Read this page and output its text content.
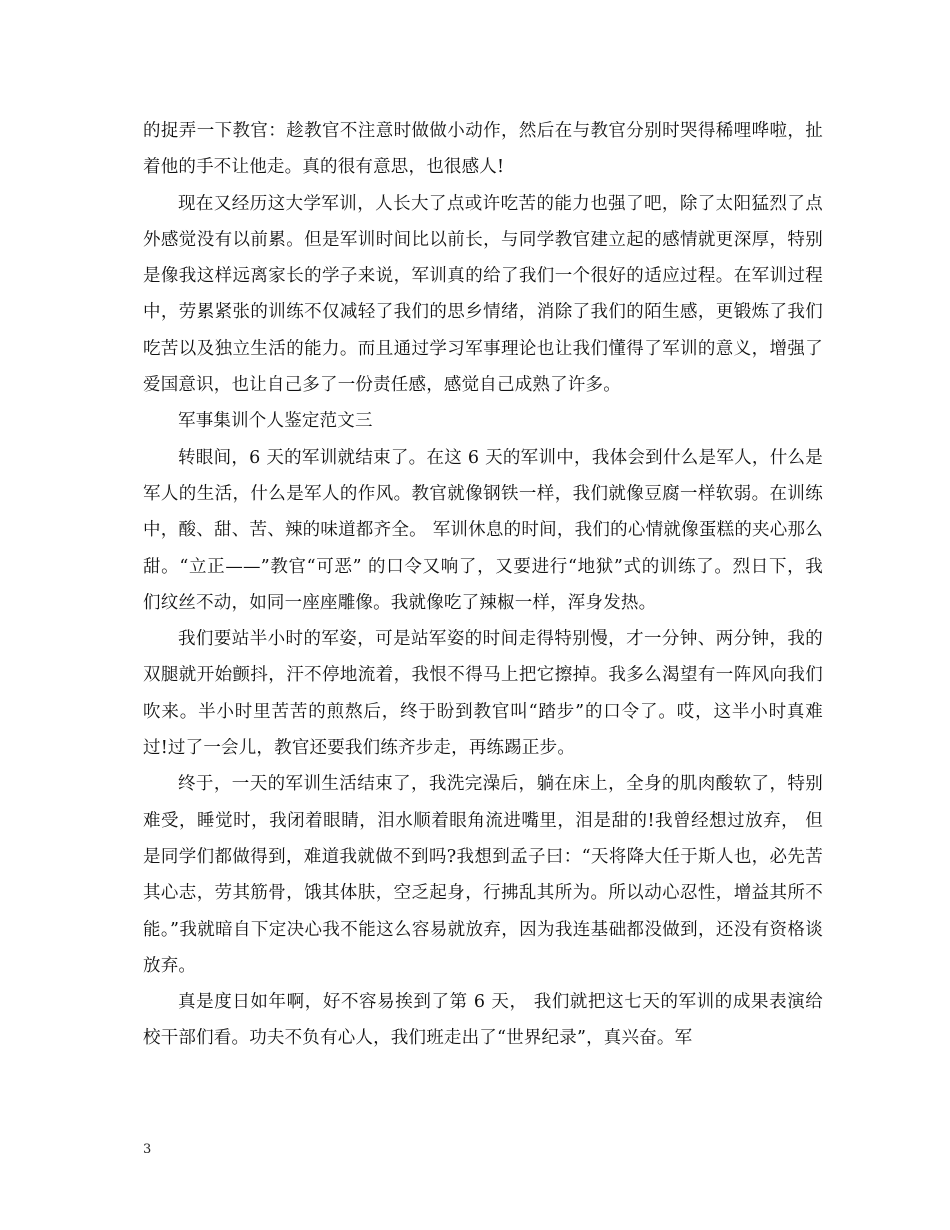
的捉弄一下教官：趁教官不注意时做做小动作，然后在与教官分别时哭得稀哩哗啦，扯着他的手不让他走。真的很有意思，也很感人!

现在又经历这大学军训，人长大了点或许吃苦的能力也强了吧，除了太阳猛烈了点外感觉没有以前累。但是军训时间比以前长，与同学教官建立起的感情就更深厚，特别是像我这样远离家长的学子来说，军训真的给了我们一个很好的适应过程。在军训过程中，劳累紧张的训练不仅减轻了我们的思乡情绪，消除了我们的陌生感，更锻炼了我们吃苦以及独立生活的能力。而且通过学习军事理论也让我们懂得了军训的意义，增强了爱国意识，也让自己多了一份责任感，感觉自己成熟了许多。

军事集训个人鉴定范文三

转眼间，6 天的军训就结束了。在这 6 天的军训中，我体会到什么是军人，什么是军人的生活，什么是军人的作风。教官就像钢铁一样，我们就像豆腐一样软弱。在训练中，酸、甜、苦、辣的味道都齐全。 军训休息的时间，我们的心情就像蛋糕的夹心那么甜。“立正——”教官“可恶” 的口令又响了，又要进行“地狱”式的训练了。烈日下，我们纹丝不动，如同一座座雕像。我就像吃了辣椒一样，浑身发热。

我们要站半小时的军姿，可是站军姿的时间走得特别慢，才一分钟、两分钟，我的双腿就开始颤抖，汗不停地流着，我恨不得马上把它擦掉。我多么渴望有一阵风向我们吹来。半小时里苦苦的煎熬后，终于盼到教官叫“踏步”的口令了。哎，这半小时真难过!过了一会儿，教官还要我们练齐步走，再练踢正步。

终于，一天的军训生活结束了，我洗完澡后，躺在床上，全身的肌肉酸软了，特别难受，睡觉时，我闭着眼睛，泪水顺着眼角流进嘴里，泪是甜的!我曾经想过放弃， 但是同学们都做得到，难道我就做不到吗?我想到孟子曰：“天将降大任于斯人也，必先苦其心志，劳其筋骨，饿其体肤，空乏起身，行拂乱其所为。所以动心忍性，增益其所不能。”我就暗自下定决心我不能这么容易就放弃，因为我连基础都没做到，还没有资格谈放弃。

真是度日如年啊，好不容易挨到了第 6 天， 我们就把这七天的军训的成果表演给校干部们看。功夫不负有心人，我们班走出了“世界纪录”，真兴奋。军

3
